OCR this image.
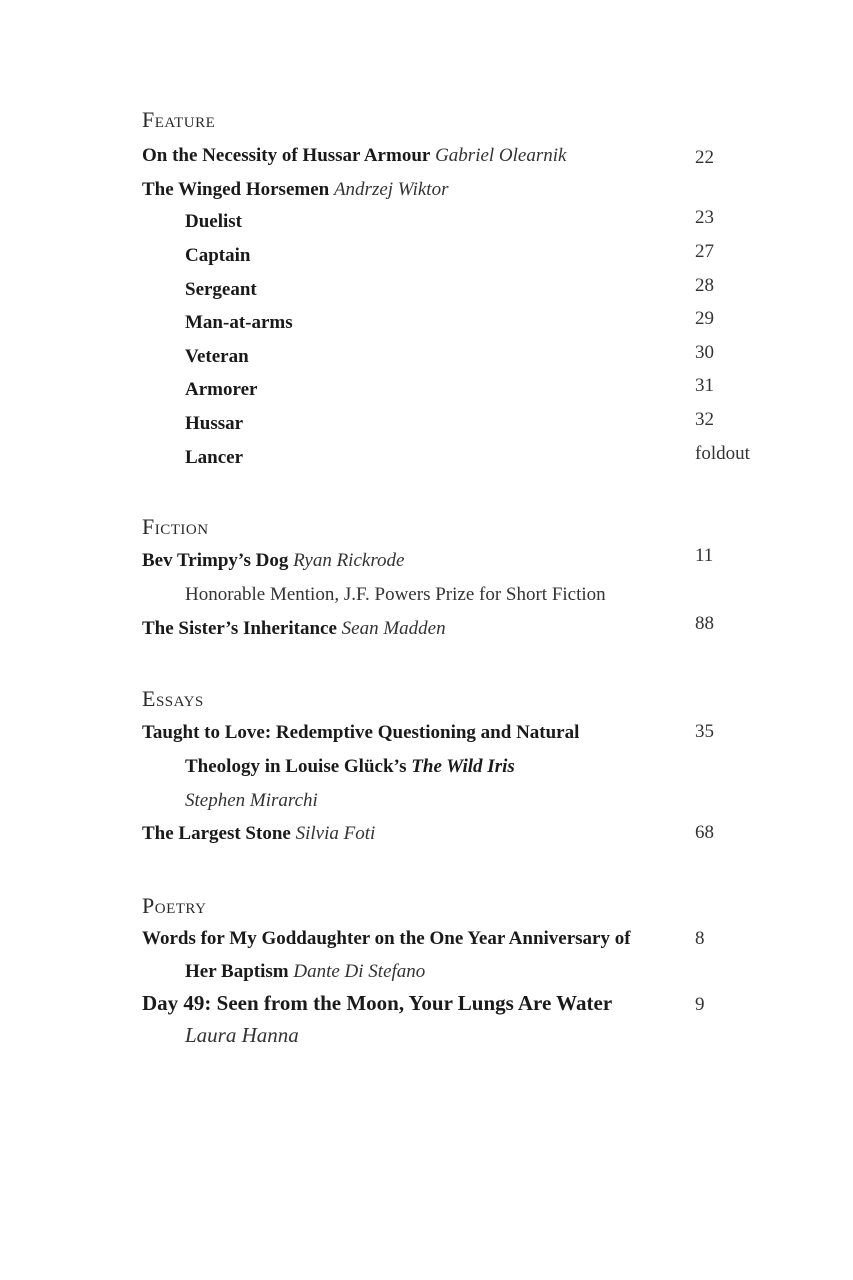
Feature
On the Necessity of Hussar Armour Gabriel Olearnik	22
The Winged Horsemen Andrzej Wiktor
Duelist	23
Captain	27
Sergeant	28
Man-at-arms	29
Veteran	30
Armorer	31
Hussar	32
Lancer	foldout
Fiction
Bev Trimpy’s Dog Ryan Rickrode	11
Honorable Mention, J.F. Powers Prize for Short Fiction
The Sister’s Inheritance Sean Madden	88
Essays
Taught to Love: Redemptive Questioning and Natural	35
Theology in Louise Glück’s The Wild Iris
Stephen Mirarchi
The Largest Stone Silvia Foti	68
Poetry
Words for My Goddaughter on the One Year Anniversary of	8
Her Baptism Dante Di Stefano
Day 49: Seen from the Moon, Your Lungs Are Water	9
Laura Hanna
